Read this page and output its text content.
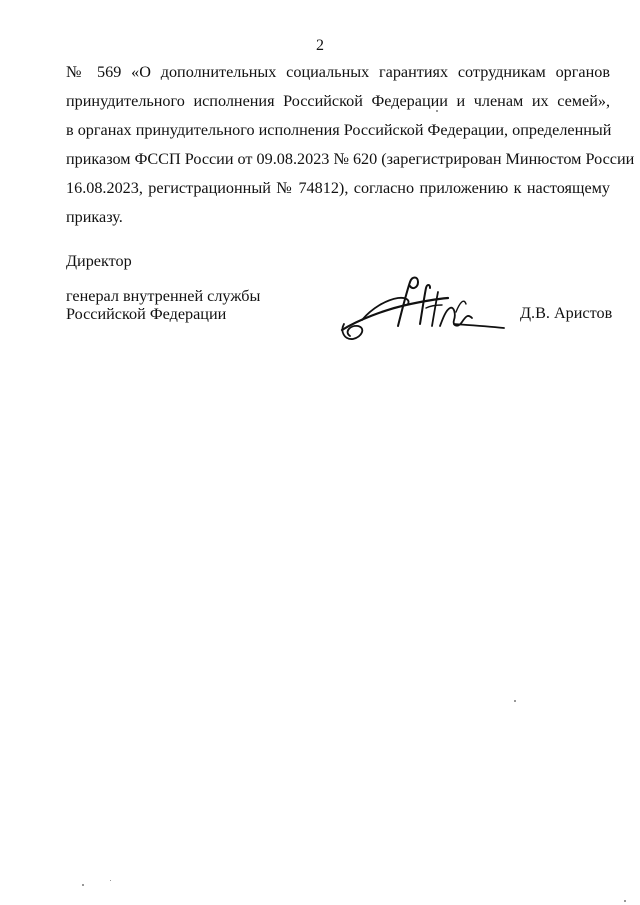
2
№ 569 «О дополнительных социальных гарантиях сотрудникам органов
принудительного исполнения Российской Федерации и членам их семей»,
в органах принудительного исполнения Российской Федерации, определенный
приказом ФССП России от 09.08.2023 № 620 (зарегистрирован Минюстом России
16.08.2023, регистрационный № 74812), согласно приложению к настоящему
приказу.
Директор
генерал внутренней службы
Российской Федерации	Д.В. Аристов
